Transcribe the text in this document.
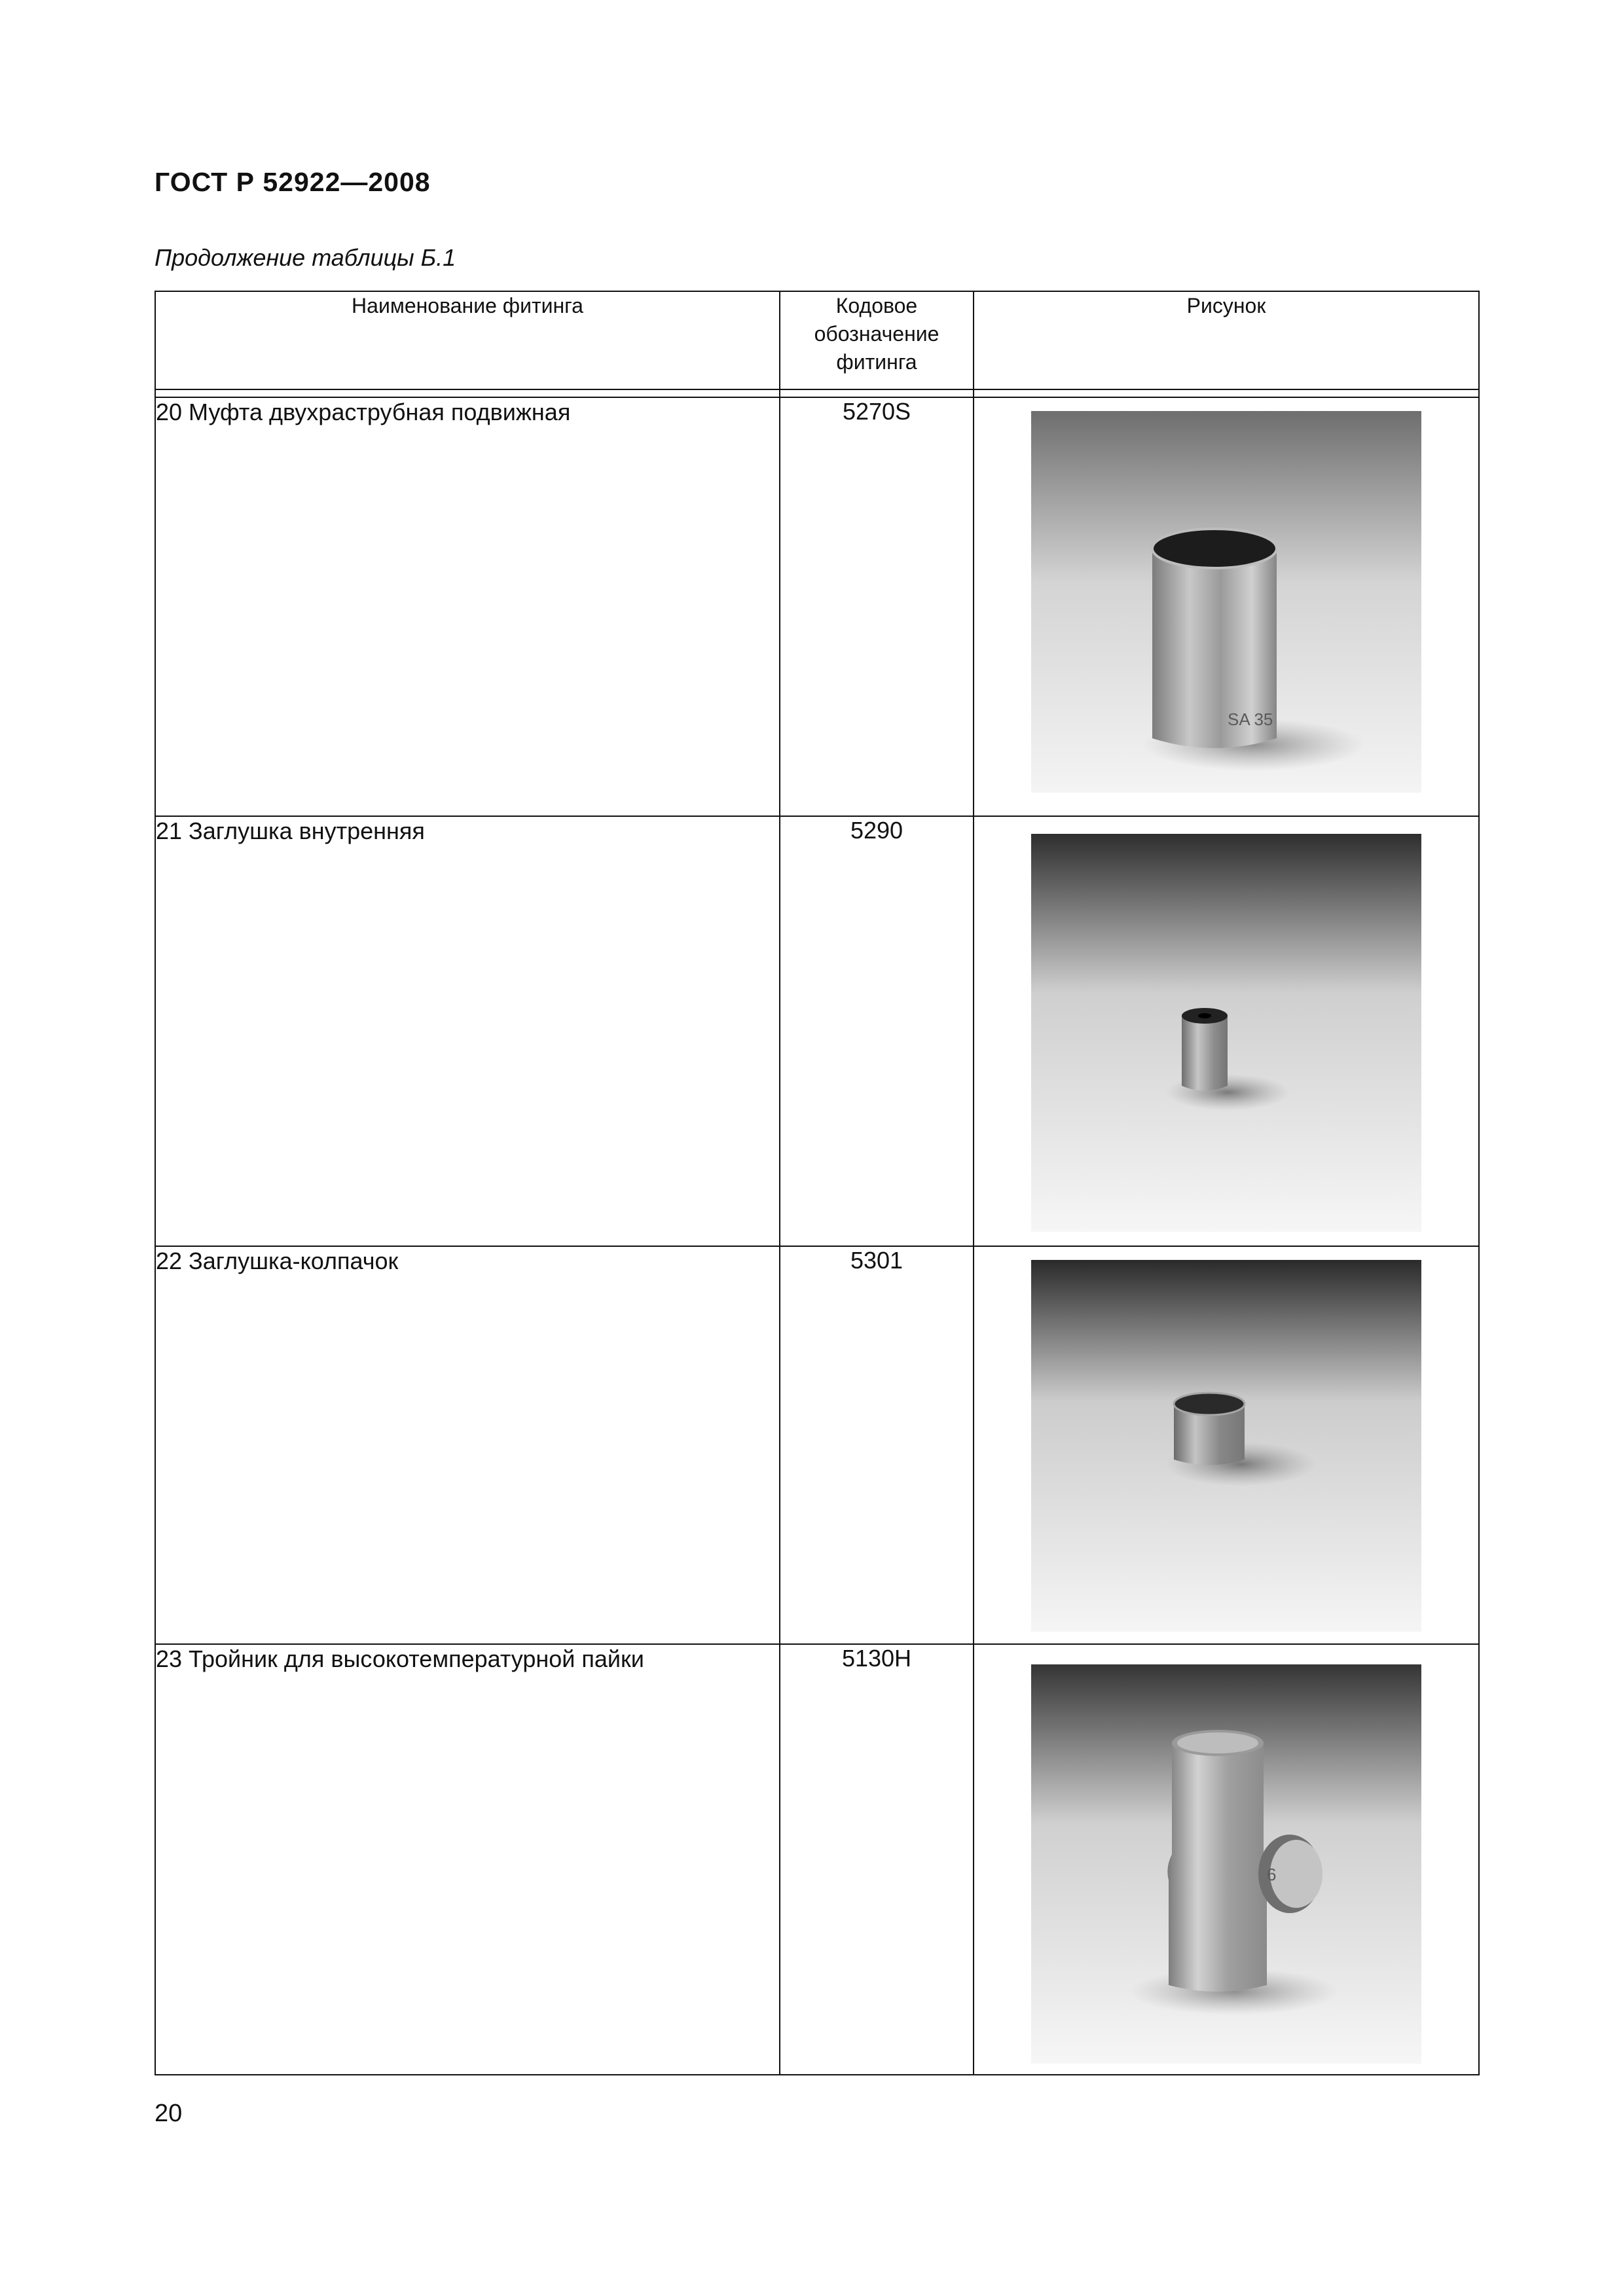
ГОСТ Р 52922—2008
Продолжение таблицы Б.1
Наименование фитинга	Кодовое обозначение фитинга	Рисунок

20 Муфта двухраструбная подвижная	5270S	SA 35

21 Заглушка внутренняя	5290	
22 Заглушка-колпачок	5301	
23 Тройник для высокотемпературной пайки	5130H	6
20
